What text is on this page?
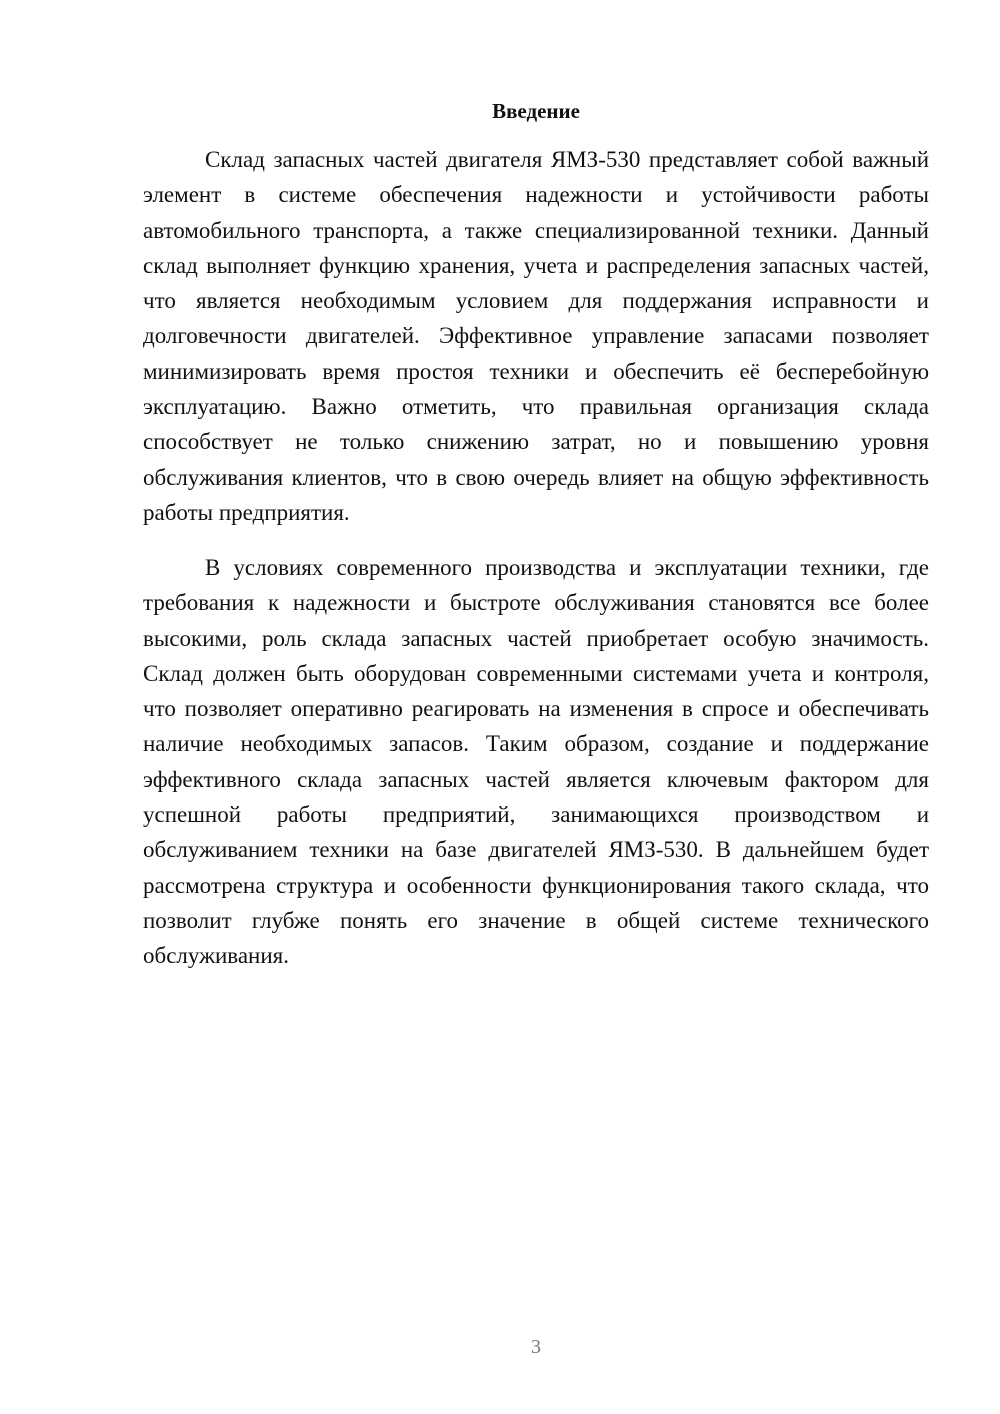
Введение

Склад запасных частей двигателя ЯМЗ-530 представляет собой важный элемент в системе обеспечения надежности и устойчивости работы автомобильного транспорта, а также специализированной техники. Данный склад выполняет функцию хранения, учета и распределения запасных частей, что является необходимым условием для поддержания исправности и долговечности двигателей. Эффективное управление запасами позволяет минимизировать время простоя техники и обеспечить её бесперебойную эксплуатацию. Важно отметить, что правильная организация склада способствует не только снижению затрат, но и повышению уровня обслуживания клиентов, что в свою очередь влияет на общую эффективность работы предприятия.

В условиях современного производства и эксплуатации техники, где требования к надежности и быстроте обслуживания становятся все более высокими, роль склада запасных частей приобретает особую значимость. Склад должен быть оборудован современными системами учета и контроля, что позволяет оперативно реагировать на изменения в спросе и обеспечивать наличие необходимых запасов. Таким образом, создание и поддержание эффективного склада запасных частей является ключевым фактором для успешной работы предприятий, занимающихся производством и обслуживанием техники на базе двигателей ЯМЗ-530. В дальнейшем будет рассмотрена структура и особенности функционирования такого склада, что позволит глубже понять его значение в общей системе технического обслуживания.

3
